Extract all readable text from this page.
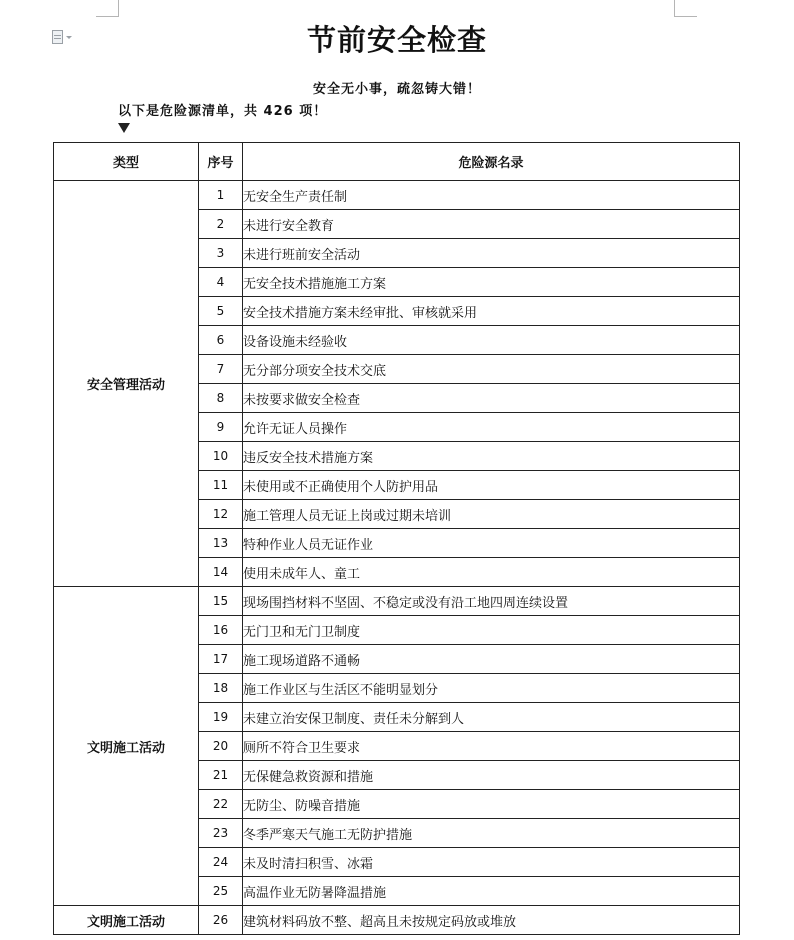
节前安全检查
安全无小事，疏忽铸大错！
以下是危险源清单，共 426 项！
类型	序号	危险源名录
安全管理活动	1	无安全生产责任制
	2	未进行安全教育
	3	未进行班前安全活动
	4	无安全技术措施施工方案
	5	安全技术措施方案未经审批、审核就采用
	6	设备设施未经验收
	7	无分部分项安全技术交底
	8	未按要求做安全检查
	9	允许无证人员操作
	10	违反安全技术措施方案
	11	未使用或不正确使用个人防护用品
	12	施工管理人员无证上岗或过期未培训
	13	特种作业人员无证作业
	14	使用未成年人、童工
文明施工活动	15	现场围挡材料不坚固、不稳定或没有沿工地四周连续设置
	16	无门卫和无门卫制度
	17	施工现场道路不通畅
	18	施工作业区与生活区不能明显划分
	19	未建立治安保卫制度、责任未分解到人
	20	厕所不符合卫生要求
	21	无保健急救资源和措施
	22	无防尘、防噪音措施
	23	冬季严寒天气施工无防护措施
	24	未及时清扫积雪、冰霜
	25	高温作业无防暑降温措施
文明施工活动	26	建筑材料码放不整、超高且未按规定码放或堆放
